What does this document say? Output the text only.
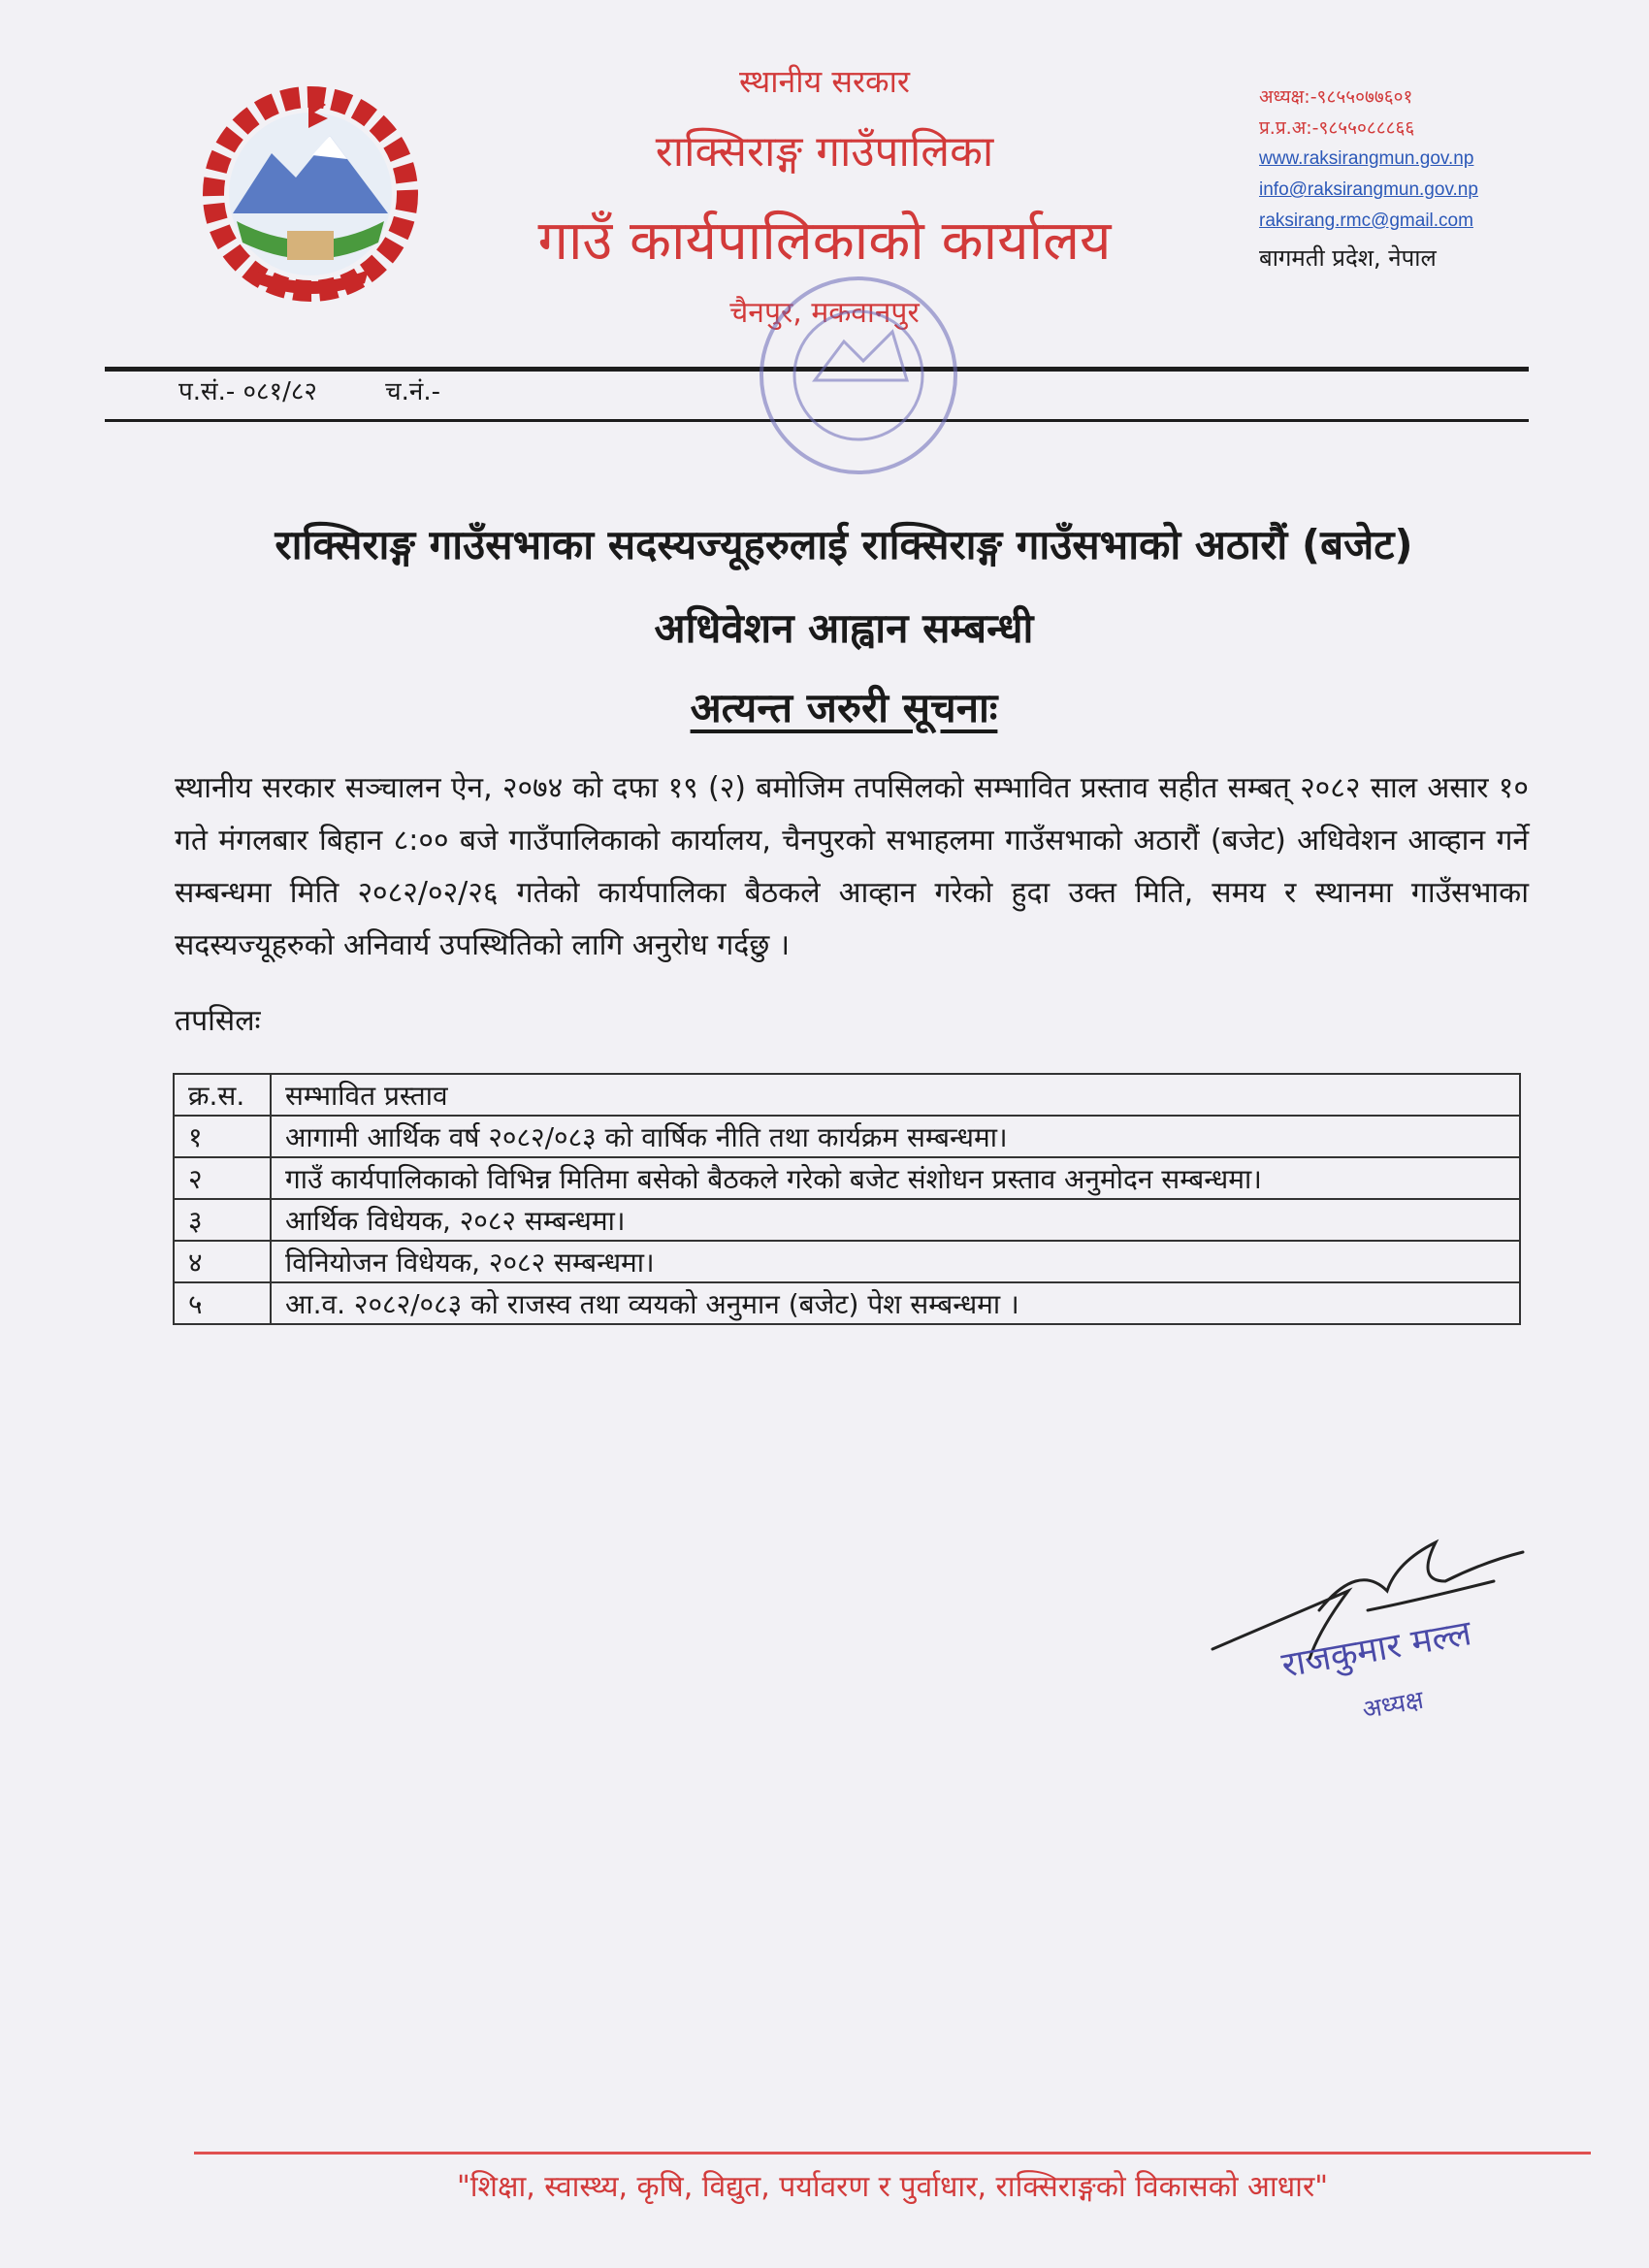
स्थानीय सरकार
राक्सिराङ्ग गाउँपालिका
गाउँ कार्यपालिकाको कार्यालय
चैनपुर, मकवानपुर
अध्यक्ष:-९८५५०७७६०१
प्र.प्र.अ:-९८५५०८८८६६
www.raksirangmun.gov.np
info@raksirangmun.gov.np
raksirang.rmc@gmail.com
बागमती प्रदेश, नेपाल
प.सं.- ०८१/८२	च.नं.-
राक्सिराङ्ग गाउँसभाका सदस्यज्यूहरुलाई राक्सिराङ्ग गाउँसभाको अठारौं (बजेट)
अधिवेशन आह्वान सम्बन्धी
अत्यन्त जरुरी सूचनाः
स्थानीय सरकार सञ्चालन ऐन, २०७४ को दफा १९ (२) बमोजिम तपसिलको सम्भावित प्रस्ताव सहीत सम्बत् २०८२ साल असार १० गते मंगलबार बिहान ८:०० बजे गाउँपालिकाको कार्यालय, चैनपुरको सभाहलमा गाउँसभाको अठारौं (बजेट) अधिवेशन आव्हान गर्ने सम्बन्धमा मिति २०८२/०२/२६ गतेको कार्यपालिका बैठकले आव्हान गरेको हुदा उक्त मिति, समय र स्थानमा गाउँसभाका सदस्यज्यूहरुको अनिवार्य उपस्थितिको लागि अनुरोध गर्दछु ।
तपसिलः
क्र.स.	सम्भावित प्रस्ताव
१	आगामी आर्थिक वर्ष २०८२/०८३ को वार्षिक नीति तथा कार्यक्रम सम्बन्धमा।
२	गाउँ कार्यपालिकाको विभिन्न मितिमा बसेको बैठकले गरेको बजेट संशोधन प्रस्ताव अनुमोदन सम्बन्धमा।
३	आर्थिक विधेयक, २०८२ सम्बन्धमा।
४	विनियोजन विधेयक, २०८२ सम्बन्धमा।
५	आ.व. २०८२/०८३ को राजस्व तथा व्ययको अनुमान (बजेट) पेश सम्बन्धमा ।
राजकुमार मल्ल
अध्यक्ष
"शिक्षा, स्वास्थ्य, कृषि, विद्युत, पर्यावरण र पुर्वाधार, राक्सिराङ्गको विकासको आधार"
